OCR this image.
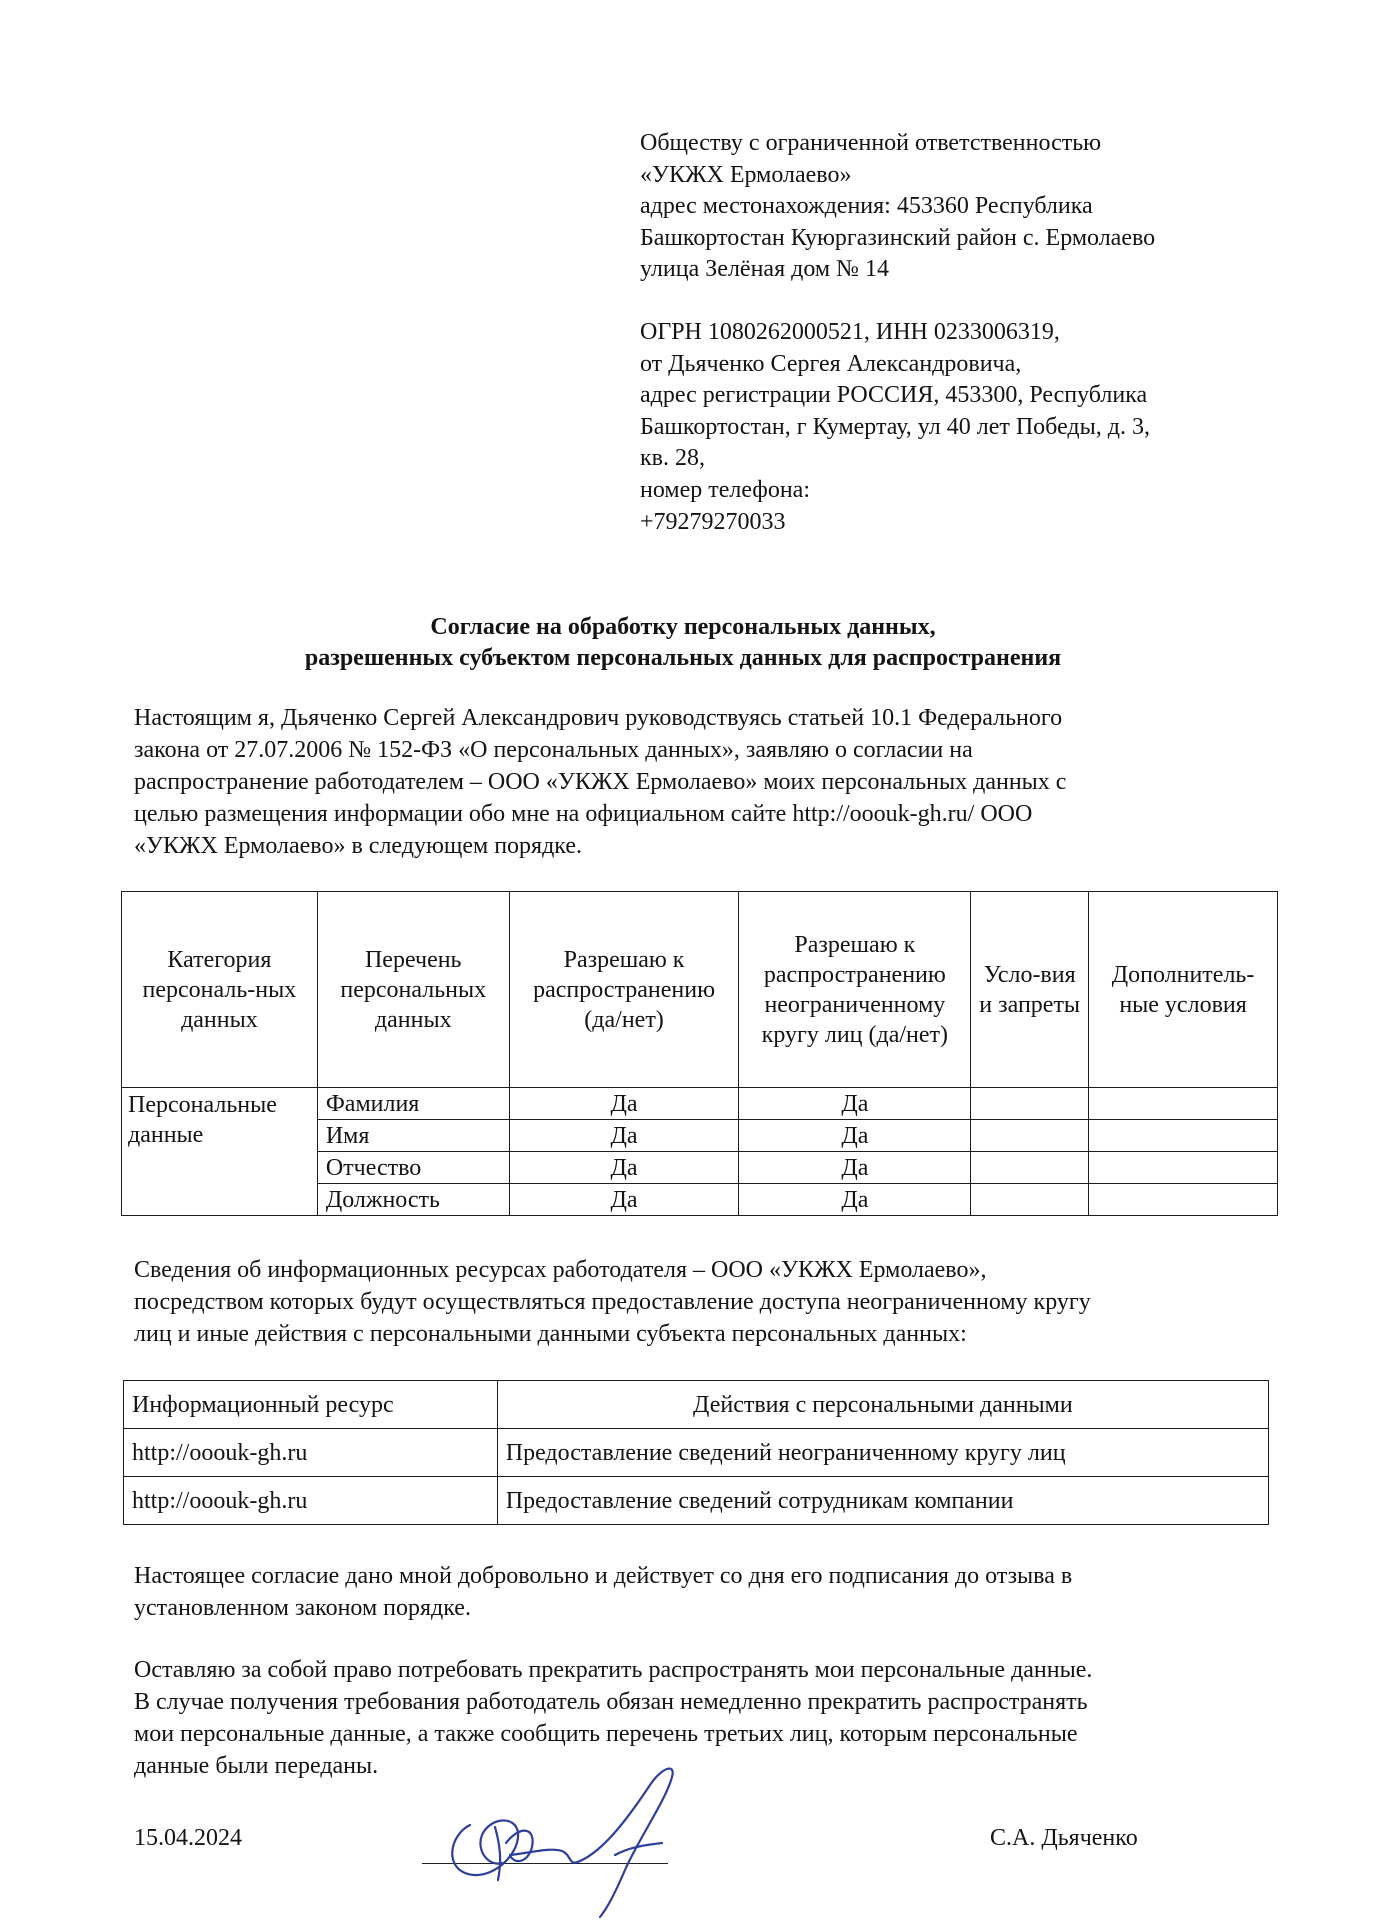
Обществу с ограниченной ответственностью
«УКЖХ Ермолаево»
адрес местонахождения: 453360 Республика
Башкортостан Куюргазинский район с. Ермолаево
улица Зелёная дом № 14
ОГРН 1080262000521, ИНН 0233006319,
от Дьяченко Сергея Александровича,
адрес регистрации РОССИЯ, 453300, Республика
Башкортостан, г Кумертау, ул 40 лет Победы, д. 3,
кв. 28,
номер телефона:
+79279270033
Согласие на обработку персональных данных,
разрешенных субъектом персональных данных для распространения
Настоящим я, Дьяченко Сергей Александрович руководствуясь статьей 10.1 Федерального
закона от 27.07.2006 № 152-ФЗ «О персональных данных», заявляю о согласии на
распространение работодателем – ООО «УКЖХ Ермолаево» моих персональных данных с
целью размещения информации обо мне на официальном сайте http://ooouk-gh.ru/ ООО
«УКЖХ Ермолаево» в следующем порядке.
Категория персональ-ных данных	Перечень персональных данных	Разрешаю к распространению (да/нет)	Разрешаю к распространению неограниченному кругу лиц (да/нет)	Усло-вия и запреты	Дополнитель-ные условия
Персональные данные	Фамилия	Да	Да		
	Имя	Да	Да		
	Отчество	Да	Да		
	Должность	Да	Да		
Сведения об информационных ресурсах работодателя – ООО «УКЖХ Ермолаево»,
посредством которых будут осуществляться предоставление доступа неограниченному кругу
лиц и иные действия с персональными данными субъекта персональных данных:
Информационный ресурс	Действия с персональными данными
http://ooouk-gh.ru	Предоставление сведений неограниченному кругу лиц
http://ooouk-gh.ru	Предоставление сведений сотрудникам компании
Настоящее согласие дано мной добровольно и действует со дня его подписания до отзыва в
установленном законом порядке.
Оставляю за собой право потребовать прекратить распространять мои персональные данные.
В случае получения требования работодатель обязан немедленно прекратить распространять
мои персональные данные, а также сообщить перечень третьих лиц, которым персональные
данные были переданы.
15.04.2024	С.А. Дьяченко
